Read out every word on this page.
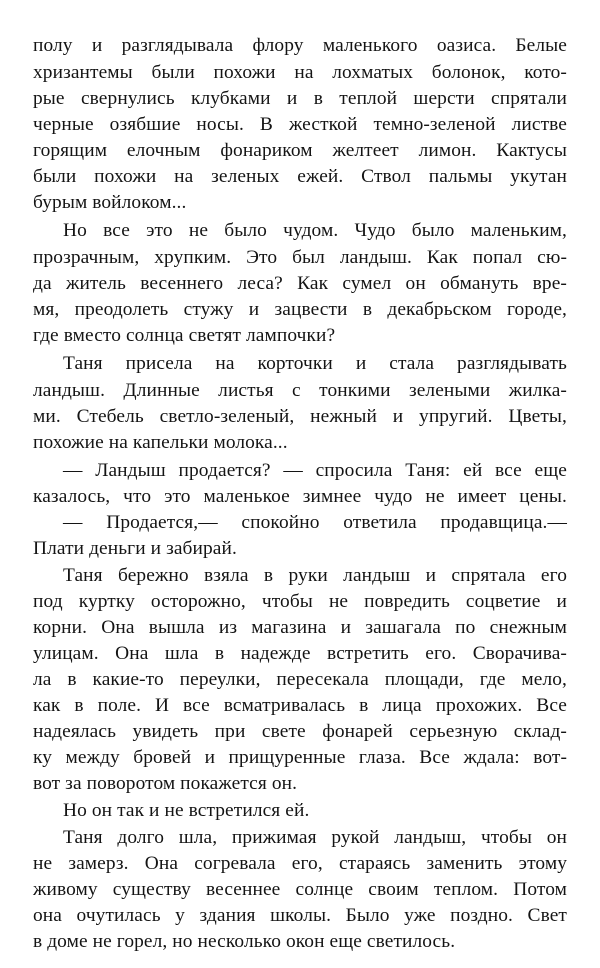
полу и разглядывала флору маленького оазиса. Белые
хризантемы были похожи на лохматых болонок, кото-
рые свернулись клубками и в теплой шерсти спрятали
черные озябшие носы. В жесткой темно-зеленой листве
горящим елочным фонариком желтеет лимон. Кактусы
были похожи на зеленых ежей. Ствол пальмы укутан
бурым войлоком...
Но все это не было чудом. Чудо было маленьким,
прозрачным, хрупким. Это был ландыш. Как попал сю-
да житель весеннего леса? Как сумел он обмануть вре-
мя, преодолеть стужу и зацвести в декабрьском городе,
где вместо солнца светят лампочки?
Таня присела на корточки и стала разглядывать
ландыш. Длинные листья с тонкими зелеными жилка-
ми. Стебель светло-зеленый, нежный и упругий. Цветы,
похожие на капельки молока...
— Ландыш продается? — спросила Таня: ей все еще
казалось, что это маленькое зимнее чудо не имеет цены.
— Продается,— спокойно ответила продавщица.—
Плати деньги и забирай.
Таня бережно взяла в руки ландыш и спрятала его
под куртку осторожно, чтобы не повредить соцветие и
корни. Она вышла из магазина и зашагала по снежным
улицам. Она шла в надежде встретить его. Сворачива-
ла в какие-то переулки, пересекала площади, где мело,
как в поле. И все всматривалась в лица прохожих. Все
надеялась увидеть при свете фонарей серьезную склад-
ку между бровей и прищуренные глаза. Все ждала: вот-
вот за поворотом покажется он.
Но он так и не встретился ей.
Таня долго шла, прижимая рукой ландыш, чтобы он
не замерз. Она согревала его, стараясь заменить этому
живому существу весеннее солнце своим теплом. Потом
она очутилась у здания школы. Было уже поздно. Свет
в доме не горел, но несколько окон еще светилось.
